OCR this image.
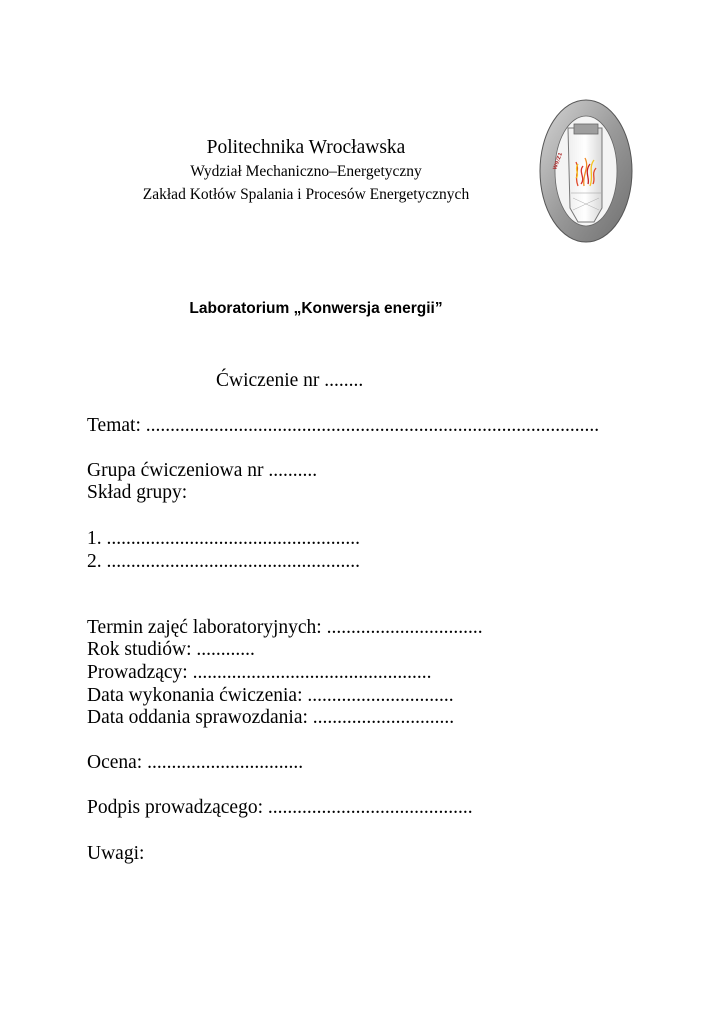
Politechnika Wrocławska
Wydział Mechaniczno–Energetyczny
Zakład Kotłów Spalania i Procesów Energetycznych
W9/Z1
Laboratorium „Konwersja energii”
Ćwiczenie nr ........
Temat: .............................................................................................
Grupa ćwiczeniowa nr ..........
Skład grupy:
1. ....................................................
2. ....................................................
Termin zajęć laboratoryjnych: ................................
Rok studiów: ............
Prowadzący: .................................................
Data wykonania ćwiczenia: ..............................
Data oddania sprawozdania: .............................
Ocena: ................................
Podpis prowadzącego: ..........................................
Uwagi:
